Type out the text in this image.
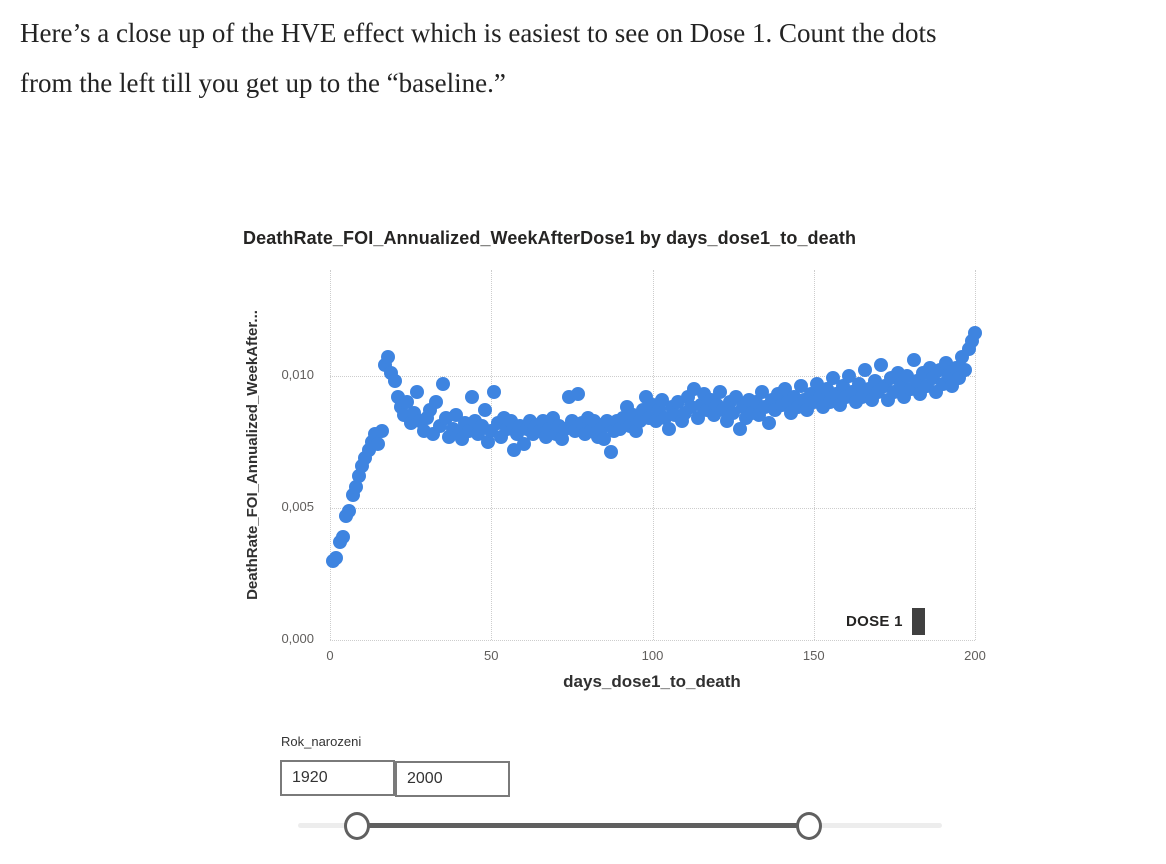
Here’s a close up of the HVE effect which is easiest to see on Dose 1. Count the dots
from the left till you get up to the “baseline.”
DeathRate_FOI_Annualized_WeekAfterDose1 by days_dose1_to_death
DeathRate_FOI_Annualized_WeekAfter...
0,000
0,005
0,010
0	50	100	150	200
days_dose1_to_death
DOSE 1
Rok_narozeni
1920
2000
